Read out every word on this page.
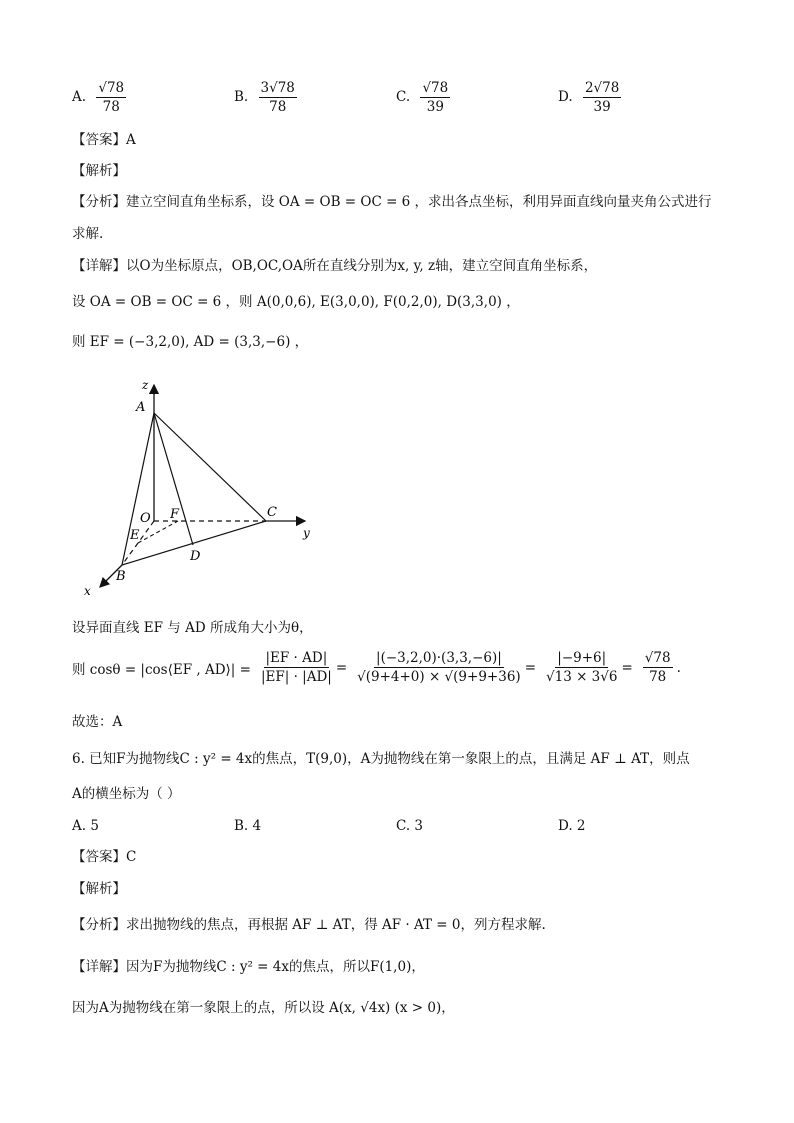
A. $\frac{√78}{78}$	B. $\frac{3√78}{78}$	C. $\frac{√78}{39}$	D. $\frac{2√78}{39}$
【答案】A
【解析】
【分析】建立空间直角坐标系，设 OA = OB = OC = 6 ，求出各点坐标，利用异面直线向量夹角公式进行
求解.
【详解】以O为坐标原点，OB,OC,OA所在直线分别为x, y, z轴，建立空间直角坐标系，
设 OA = OB = OC = 6 ，则 A(0,0,6), E(3,0,0), F(0,2,0), D(3,3,0) ，
则 EF = (−3,2,0), AD = (3,3,−6) ，
z
A
O F	C
y
E
D
B
x
设异面直线 EF 与 AD 所成角大小为θ，
则 cosθ = |cos⟨EF , AD⟩| = $\frac{|EF \cdot AD|}{|EF| \cdot |AD|} = \frac{|(-3,2,0)\cdot(3,3,-6)|}{√(9+4+0) \times √(9+9+36)} = \frac{|-9+6|}{√13 \times 3√6} = \frac{√78}{78}$ .
故选：A
6. 已知F为抛物线C : y² = 4x的焦点，T(9,0)，A为抛物线在第一象限上的点，且满足 AF ⊥ AT，则点
A的横坐标为（ ）
A. 5	B. 4	C. 3	D. 2
【答案】C
【解析】
【分析】求出抛物线的焦点，再根据 AF ⊥ AT，得 AF · AT = 0，列方程求解.
【详解】因为F为抛物线C : y² = 4x的焦点，所以F(1,0)，
因为A为抛物线在第一象限上的点，所以设 A(x, √4x) (x > 0)，
